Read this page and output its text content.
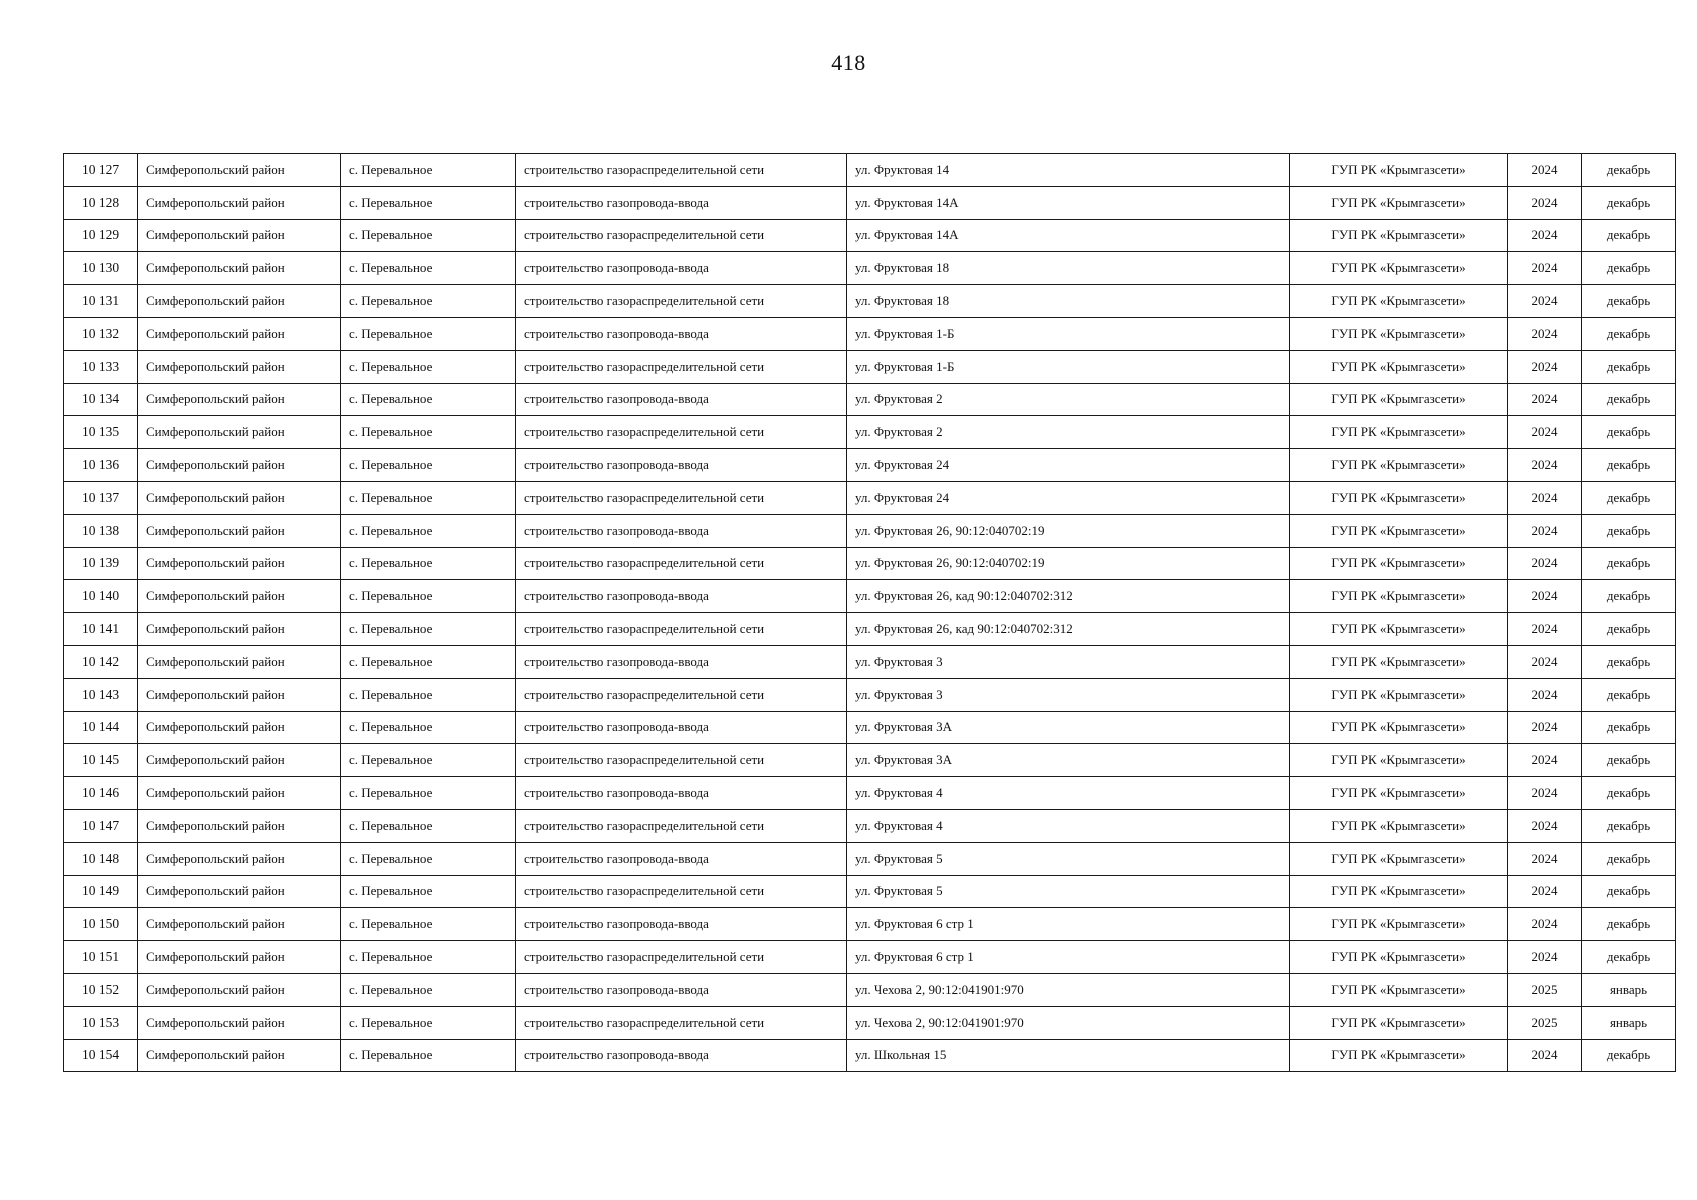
418
10 127	Симферопольский район	с. Перевальное	строительство газораспределительной сети	ул. Фруктовая 14	ГУП РК «Крымгазсети»	2024	декабрь
10 128	Симферопольский район	с. Перевальное	строительство газопровода-ввода	ул. Фруктовая 14А	ГУП РК «Крымгазсети»	2024	декабрь
10 129	Симферопольский район	с. Перевальное	строительство газораспределительной сети	ул. Фруктовая 14А	ГУП РК «Крымгазсети»	2024	декабрь
10 130	Симферопольский район	с. Перевальное	строительство газопровода-ввода	ул. Фруктовая 18	ГУП РК «Крымгазсети»	2024	декабрь
10 131	Симферопольский район	с. Перевальное	строительство газораспределительной сети	ул. Фруктовая 18	ГУП РК «Крымгазсети»	2024	декабрь
10 132	Симферопольский район	с. Перевальное	строительство газопровода-ввода	ул. Фруктовая 1-Б	ГУП РК «Крымгазсети»	2024	декабрь
10 133	Симферопольский район	с. Перевальное	строительство газораспределительной сети	ул. Фруктовая 1-Б	ГУП РК «Крымгазсети»	2024	декабрь
10 134	Симферопольский район	с. Перевальное	строительство газопровода-ввода	ул. Фруктовая 2	ГУП РК «Крымгазсети»	2024	декабрь
10 135	Симферопольский район	с. Перевальное	строительство газораспределительной сети	ул. Фруктовая 2	ГУП РК «Крымгазсети»	2024	декабрь
10 136	Симферопольский район	с. Перевальное	строительство газопровода-ввода	ул. Фруктовая 24	ГУП РК «Крымгазсети»	2024	декабрь
10 137	Симферопольский район	с. Перевальное	строительство газораспределительной сети	ул. Фруктовая 24	ГУП РК «Крымгазсети»	2024	декабрь
10 138	Симферопольский район	с. Перевальное	строительство газопровода-ввода	ул. Фруктовая 26, 90:12:040702:19	ГУП РК «Крымгазсети»	2024	декабрь
10 139	Симферопольский район	с. Перевальное	строительство газораспределительной сети	ул. Фруктовая 26, 90:12:040702:19	ГУП РК «Крымгазсети»	2024	декабрь
10 140	Симферопольский район	с. Перевальное	строительство газопровода-ввода	ул. Фруктовая 26, кад 90:12:040702:312	ГУП РК «Крымгазсети»	2024	декабрь
10 141	Симферопольский район	с. Перевальное	строительство газораспределительной сети	ул. Фруктовая 26, кад 90:12:040702:312	ГУП РК «Крымгазсети»	2024	декабрь
10 142	Симферопольский район	с. Перевальное	строительство газопровода-ввода	ул. Фруктовая 3	ГУП РК «Крымгазсети»	2024	декабрь
10 143	Симферопольский район	с. Перевальное	строительство газораспределительной сети	ул. Фруктовая 3	ГУП РК «Крымгазсети»	2024	декабрь
10 144	Симферопольский район	с. Перевальное	строительство газопровода-ввода	ул. Фруктовая 3А	ГУП РК «Крымгазсети»	2024	декабрь
10 145	Симферопольский район	с. Перевальное	строительство газораспределительной сети	ул. Фруктовая 3А	ГУП РК «Крымгазсети»	2024	декабрь
10 146	Симферопольский район	с. Перевальное	строительство газопровода-ввода	ул. Фруктовая 4	ГУП РК «Крымгазсети»	2024	декабрь
10 147	Симферопольский район	с. Перевальное	строительство газораспределительной сети	ул. Фруктовая 4	ГУП РК «Крымгазсети»	2024	декабрь
10 148	Симферопольский район	с. Перевальное	строительство газопровода-ввода	ул. Фруктовая 5	ГУП РК «Крымгазсети»	2024	декабрь
10 149	Симферопольский район	с. Перевальное	строительство газораспределительной сети	ул. Фруктовая 5	ГУП РК «Крымгазсети»	2024	декабрь
10 150	Симферопольский район	с. Перевальное	строительство газопровода-ввода	ул. Фруктовая 6 стр 1	ГУП РК «Крымгазсети»	2024	декабрь
10 151	Симферопольский район	с. Перевальное	строительство газораспределительной сети	ул. Фруктовая 6 стр 1	ГУП РК «Крымгазсети»	2024	декабрь
10 152	Симферопольский район	с. Перевальное	строительство газопровода-ввода	ул. Чехова 2, 90:12:041901:970	ГУП РК «Крымгазсети»	2025	январь
10 153	Симферопольский район	с. Перевальное	строительство газораспределительной сети	ул. Чехова 2, 90:12:041901:970	ГУП РК «Крымгазсети»	2025	январь
10 154	Симферопольский район	с. Перевальное	строительство газопровода-ввода	ул. Школьная 15	ГУП РК «Крымгазсети»	2024	декабрь
